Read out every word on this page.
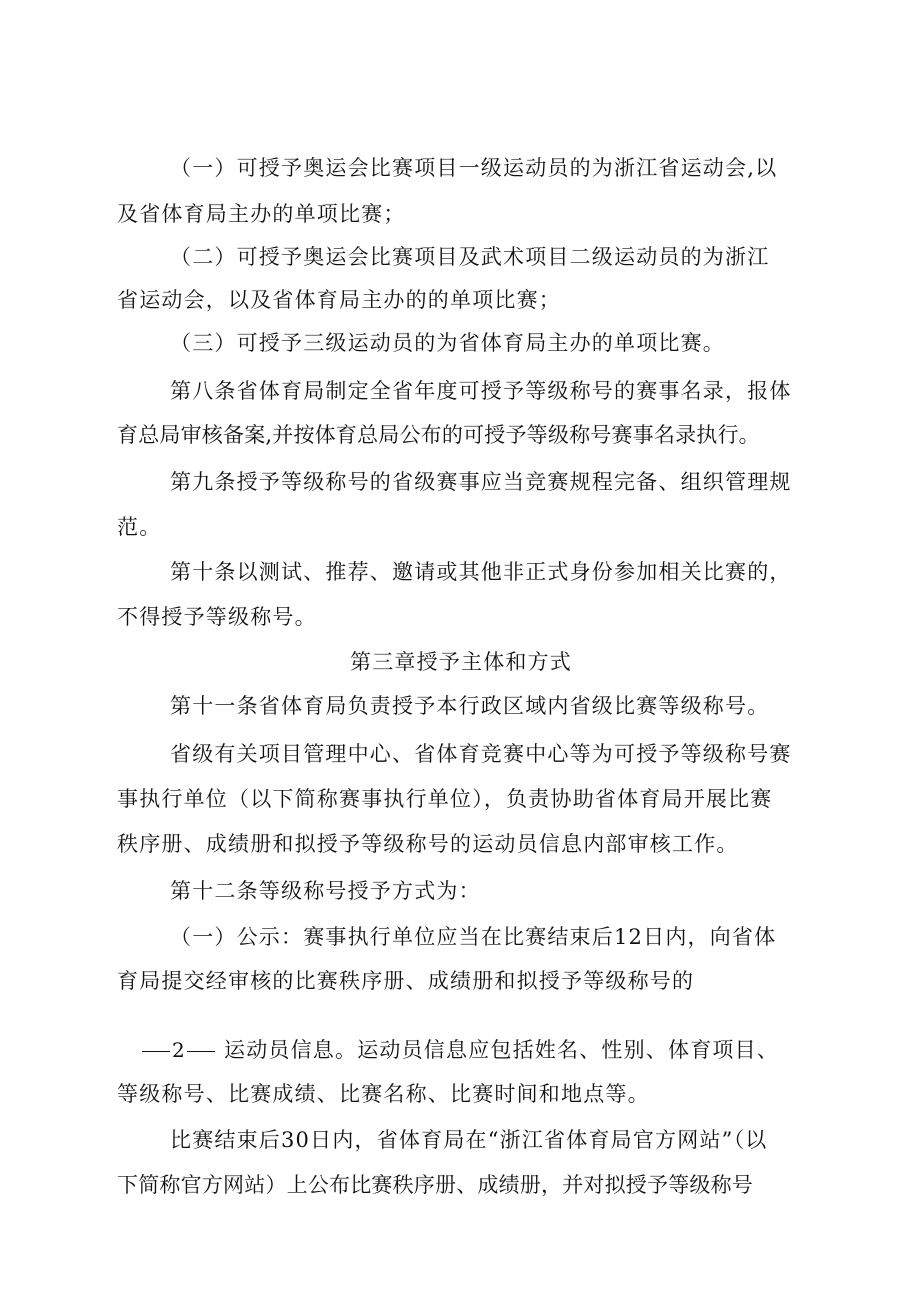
（一）可授予奥运会比赛项目一级运动员的为浙江省运动会,以
及省体育局主办的单项比赛；
（二）可授予奥运会比赛项目及武术项目二级运动员的为浙江
省运动会，以及省体育局主办的的单项比赛；
（三）可授予三级运动员的为省体育局主办的单项比赛。
第八条省体育局制定全省年度可授予等级称号的赛事名录，报体
育总局审核备案,并按体育总局公布的可授予等级称号赛事名录执行。
第九条授予等级称号的省级赛事应当竞赛规程完备、组织管理规
范。
第十条以测试、推荐、邀请或其他非正式身份参加相关比赛的，
不得授予等级称号。
第三章授予主体和方式
第十一条省体育局负责授予本行政区域内省级比赛等级称号。
省级有关项目管理中心、省体育竞赛中心等为可授予等级称号赛
事执行单位（以下简称赛事执行单位），负责协助省体育局开展比赛
秩序册、成绩册和拟授予等级称号的运动员信息内部审核工作。
第十二条等级称号授予方式为：
（一）公示：赛事执行单位应当在比赛结束后12日内，向省体
育局提交经审核的比赛秩序册、成绩册和拟授予等级称号的
2	运动员信息。运动员信息应包括姓名、性别、体育项目、
等级称号、比赛成绩、比赛名称、比赛时间和地点等。
比赛结束后30日内，省体育局在“浙江省体育局官方网站”（以
下简称官方网站）上公布比赛秩序册、成绩册，并对拟授予等级称号
